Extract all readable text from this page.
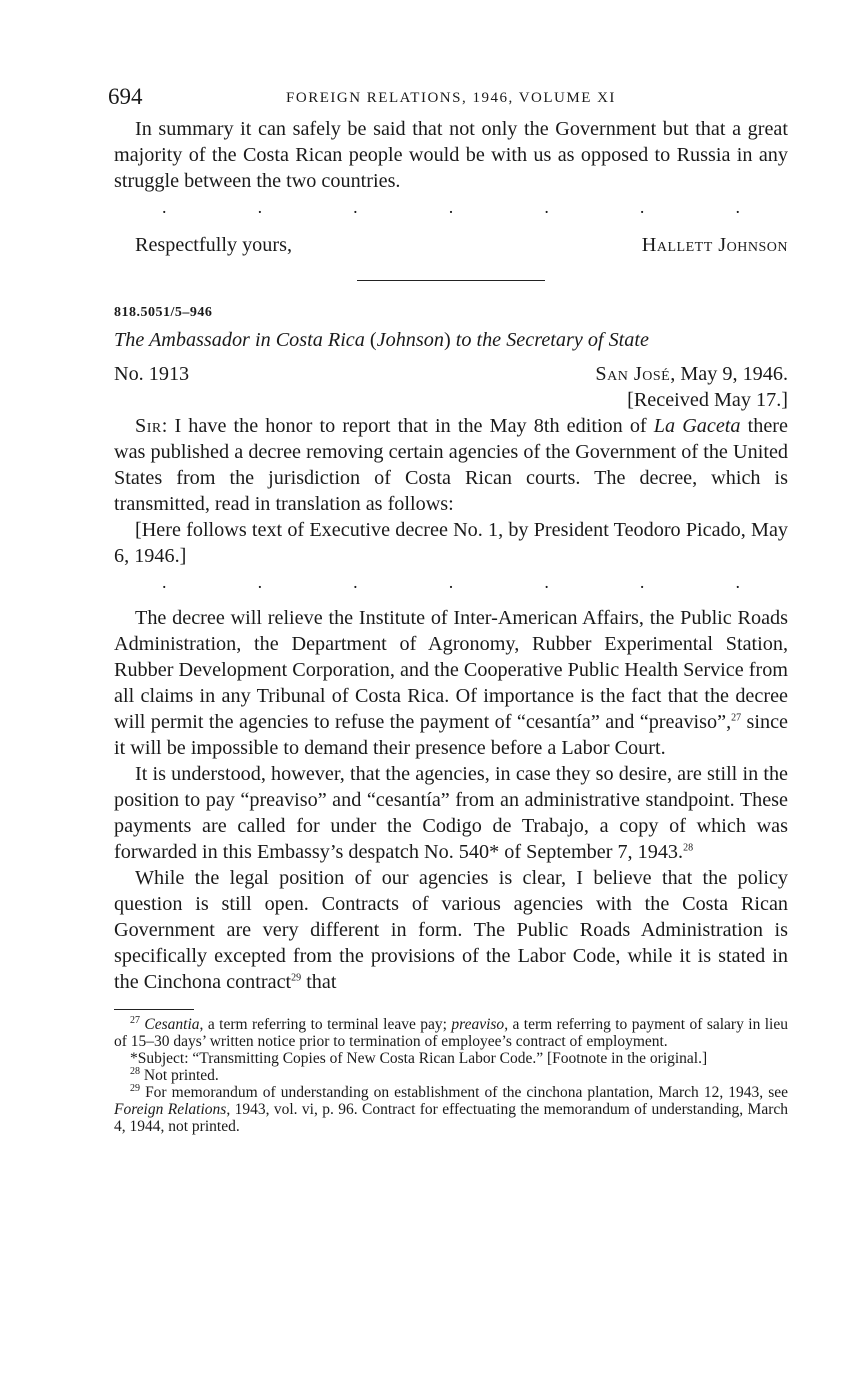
694	FOREIGN RELATIONS, 1946, VOLUME XI

In summary it can safely be said that not only the Government but that a great majority of the Costa Rican people would be with us as opposed to Russia in any struggle between the two countries.

.	.	.	.	.	.	.
Respectfully yours,	Hallett Johnson
818.5051/5–946
The Ambassador in Costa Rica (Johnson) to the Secretary of State
No. 1913	San José, May 9, 1946.
[Received May 17.]

Sir: I have the honor to report that in the May 8th edition of La Gaceta there was published a decree removing certain agencies of the Government of the United States from the jurisdiction of Costa Rican courts. The decree, which is transmitted, read in translation as follows:

[Here follows text of Executive decree No. 1, by President Teodoro Picado, May 6, 1946.]

.	.	.	.	.	.	.

The decree will relieve the Institute of Inter-American Affairs, the Public Roads Administration, the Department of Agronomy, Rubber Experimental Station, Rubber Development Corporation, and the Cooperative Public Health Service from all claims in any Tribunal of Costa Rica. Of importance is the fact that the decree will permit the agencies to refuse the payment of “cesantía” and “preaviso”,$^{27}$ since it will be impossible to demand their presence before a Labor Court.

It is understood, however, that the agencies, in case they so desire, are still in the position to pay “preaviso” and “cesantía” from an administrative standpoint. These payments are called for under the Codigo de Trabajo, a copy of which was forwarded in this Embassy’s despatch No. 540* of September 7, 1943.28

While the legal position of our agencies is clear, I believe that the policy question is still open. Contracts of various agencies with the Costa Rican Government are very different in form. The Public Roads Administration is specifically excepted from the provisions of the Labor Code, while it is stated in the Cinchona contract$^{29}$ that

$^{27}$ Cesantia, a term referring to terminal leave pay; preaviso, a term referring to payment of salary in lieu of 15–30 days’ written notice prior to termination of employee’s contract of employment.

*Subject: “Transmitting Copies of New Costa Rican Labor Code.” [Footnote in the original.]

$^{28}$ Not printed.

$^{29}$ For memorandum of understanding on establishment of the cinchona plantation, March 12, 1943, see Foreign Relations, 1943, vol. vi, p. 96. Contract for effectuating the memorandum of understanding, March 4, 1944, not printed.
